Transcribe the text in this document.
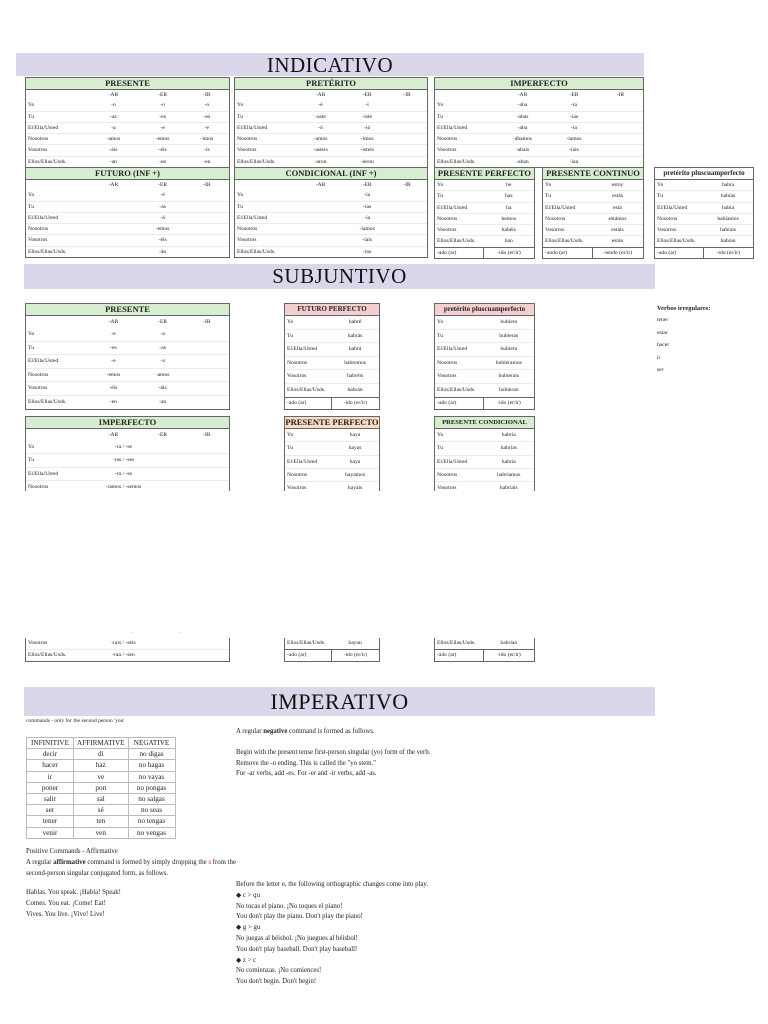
INDICATIVO
PRESENTE
-AR	-ER	-IR
Yo	-o	-o	-o
Tu	-as	-es	-es
El/Ella/Usted	-a	-e	-e
Nosotros	-amos	-emos	-imos
Vosotros	-áis	-éis	-ís
Ellos/Ellas/Usds.	-an	-en	-en
PRETÉRITO
-AR	-ER	-IR
Yo	-é	-í
Tu	-aste	-iste
El/Ella/Usted	-ó	-ió
Nosotros	-amos	-imos
Vosotros	-asteis	-isteis
Ellos/Ellas/Usds.	-aron	-ieron
IMPERFECTO
-AR	-ER	-IR
Yo	-aba	-ía
Tu	-abas	-ías
El/Ella/Usted	-aba	-ía
Nosotros	-ábamos	-íamos
Vosotros	-abais	-íais
Ellos/Ellas/Usds.	-aban	-ían
FUTURO (INF +)
-AR	-ER	-IR
Yo	-é
Tu	-ás
El/Ella/Usted	-á
Nosotros	-emos
Vosotros	-éis
Ellos/Ellas/Usds.	-án
CONDICIONAL (INF +)
-AR	-ER	-IR
Yo	-ía
Tu	-ías
El/Ella/Usted	-ía
Nosotros	-íamos
Vosotros	-íais
Ellos/Ellas/Usds.	-ían
PRESENTE PERFECTO
Yo	he
Tu	has
El/Ella/Usted	ha
Nosotros	hemos
Vosotros	habéis
Ellos/Ellas/Usds.	han
-ado (ar)	-ido (er/ir)
PRESENTE CONTINUO
Yo	estoy
Tu	estás
El/Ella/Usted	está
Nosotros	estámos
Vosotros	estáis
Ellos/Ellas/Usds.	están
-ando (ar)	-iendo (er/ir)
pretérito pluscuamperfecto
Yo	había
Tu	habías
El/Ella/Usted	había
Nosotros	habíamos
Vosotros	habíais
Ellos/Ellas/Usds.	habían
-ado (ar)	-ido (er/ir)
SUBJUNTIVO
PRESENTE
-AR	-ER	-IR
Yo	-e	-a
Tu	-es	-as
El/Ella/Usted	-e	-a
Nosotros	-emos	-amos
Vosotros	-éis	-áis
Ellos/Ellas/Usds.	-en	-an
FUTURO PERFECTO
Yo	habré
Tu	habrás
El/Ella/Usted	habrá
Nosotros	habremos
Vosotros	habréis
Ellos/Ellas/Usds.	habrán
-ado (ar)	-ido (er/ir)
pretérito pluscuamperfecto
Yo	hubiera
Tu	hubieras
El/Ella/Usted	hubiera
Nosotros	hubiéramos
Vosotros	hubierais
Ellos/Ellas/Usds.	hubieran
-ado (ar)	-ido (er/ir)
Verbos irregulares:
tener
estar
hacer
ir
ser
IMPERFECTO
-AR	-ER	-IR
Yo	-ra / -se
Tu	-ras / -ses
El/Ella/Usted	-ra / -se
Nosotros	-ramos / -semos
Vosotros	-rais / -seis
Ellos/Ellas/Usds.	-ran / -sen
PRESENTE PERFECTO
Yo	haya
Tu	hayas
El/Ella/Usted	haya
Nosotros	hayamos
Vosotros	hayáis
Ellos/Ellas/Usds.	hayan
-ado (ar)	-ido (er/ir)
PRESENTE CONDICIONAL
Yo	habría
Tu	habrías
El/Ella/Usted	habría
Nosotros	habríamos
Vosotros	habríais
Ellos/Ellas/Usds.	habrían
-ado (ar)	-ido (er/ir)
.	.
IMPERATIVO
commands - only for the second person 'you'
INFINITIVE	AFFIRMATIVE	NEGATIVE
decir	di	no digas
hacer	haz	no hagas
ir	ve	no vayas
poner	pon	no pongas
salir	sal	no salgas
ser	sé	no seas
tener	ten	no tengas
venir	ven	no vengas
A regular negative command is formed as follows.
Begin with the present tense first-person singular (yo) form of the verb.
Remove the -o ending. This is called the "yo stem."
For -ar verbs, add -es. For -er and -ir verbs, add -as.
Positive Commands - Affirmative
A regular affirmative command is formed by simply dropping the s from the
second-person singular conjugated form, as follows.
Hablas. You speak. ¡Habla! Speak!
Comes. You eat. ¡Come! Eat!
Vives. You live. ¡Vive! Live!
Before the letter e, the following orthographic changes come into play.
◆ c > qu
No tocas el piano. ¡No toques el piano!
You don't play the piano. Don't play the piano!
◆ g > gu
No juegas al béisbol. ¡No juegues al béisbol!
You don't play baseball. Don't play baseball!
◆ z > c
No comienzas. ¡No comiences!
You don't begin. Don't begin!
